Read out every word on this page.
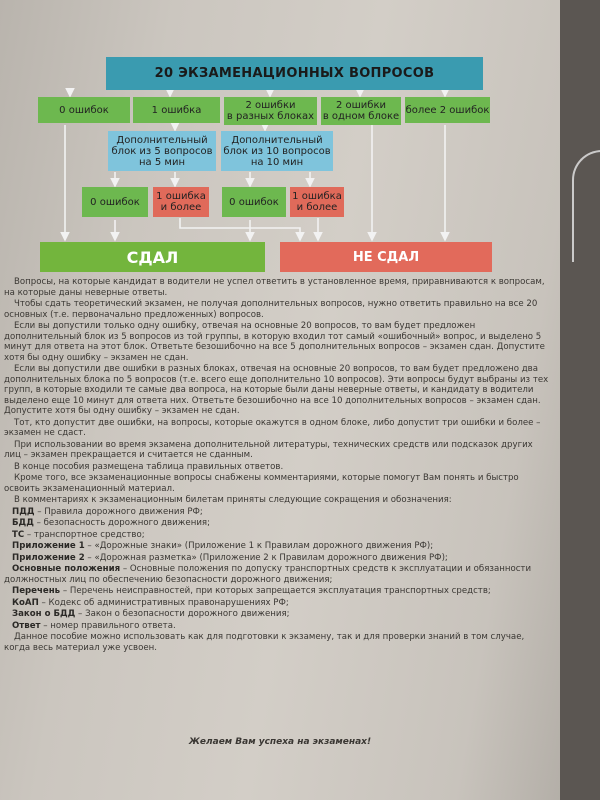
20 ЭКЗАМЕНАЦИОННЫХ ВОПРОСОВ
0 ошибок	1 ошибка	2 ошибки
в разных блоках
2 ошибки
в одном блоке
более 2 ошибок
Дополнительный
блок из 5 вопросов
на 5 мин
Дополнительный
блок из 10 вопросов
на 10 мин
0 ошибок	1 ошибка
и более	0 ошибок	1 ошибка
и более
СДАЛ	НЕ СДАЛ

Вопросы, на которые кандидат в водители не успел ответить в установленное время, приравниваются к вопросам, на которые даны неверные ответы.

Чтобы сдать теоретический экзамен, не получая дополнительных вопросов, нужно ответить правильно на все 20 основных (т.е. первоначально предложенных) вопросов.

Если вы допустили только одну ошибку, отвечая на основные 20 вопросов, то вам будет предложен дополнительный блок из 5 вопросов из той группы, в которую входил тот самый «ошибочный» вопрос, и выделено 5 минут для ответа на этот блок. Ответьте безошибочно на все 5 дополнительных вопросов – экзамен сдан. Допустите хотя бы одну ошибку – экзамен не сдан.

Если вы допустили две ошибки в разных блоках, отвечая на основные 20 вопросов, то вам будет предложено два дополнительных блока по 5 вопросов (т.е. всего еще дополнительно 10 вопросов). Эти вопросы будут выбраны из тех групп, в которые входили те самые два вопроса, на которые были даны неверные ответы, и кандидату в водители выделено еще 10 минут для ответа них. Ответьте безошибочно на все 10 дополнительных вопросов – экзамен сдан. Допустите хотя бы одну ошибку – экзамен не сдан.

Тот, кто допустит две ошибки, на вопросы, которые окажутся в одном блоке, либо допустит три ошибки и более – экзамен не сдаст.

При использовании во время экзамена дополнительной литературы, технических средств или подсказок других лиц – экзамен прекращается и считается не сданным.

В конце пособия размещена таблица правильных ответов.

Кроме того, все экзаменационные вопросы снабжены комментариями, которые помогут Вам понять и быстро освоить экзаменационный материал.

В комментариях к экзаменационным билетам приняты следующие сокращения и обозначения:

ПДД – Правила дорожного движения РФ;

БДД – безопасность дорожного движения;

ТС – транспортное средство;

Приложение 1 – «Дорожные знаки» (Приложение 1 к Правилам дорожного движения РФ);

Приложение 2 – «Дорожная разметка» (Приложение 2 к Правилам дорожного движения РФ);

Основные положения – Основные положения по допуску транспортных средств к эксплуатации и обязанности должностных лиц по обеспечению безопасности дорожного движения;

Перечень – Перечень неисправностей, при которых запрещается эксплуатация транспортных средств;

КоАП – Кодекс об административных правонарушениях РФ;

Закон о БДД – Закон о безопасности дорожного движения;

Ответ – номер правильного ответа.

Данное пособие можно использовать как для подготовки к экзамену, так и для проверки знаний в том случае, когда весь материал уже усвоен.

Желаем Вам успеха на экзаменах!
